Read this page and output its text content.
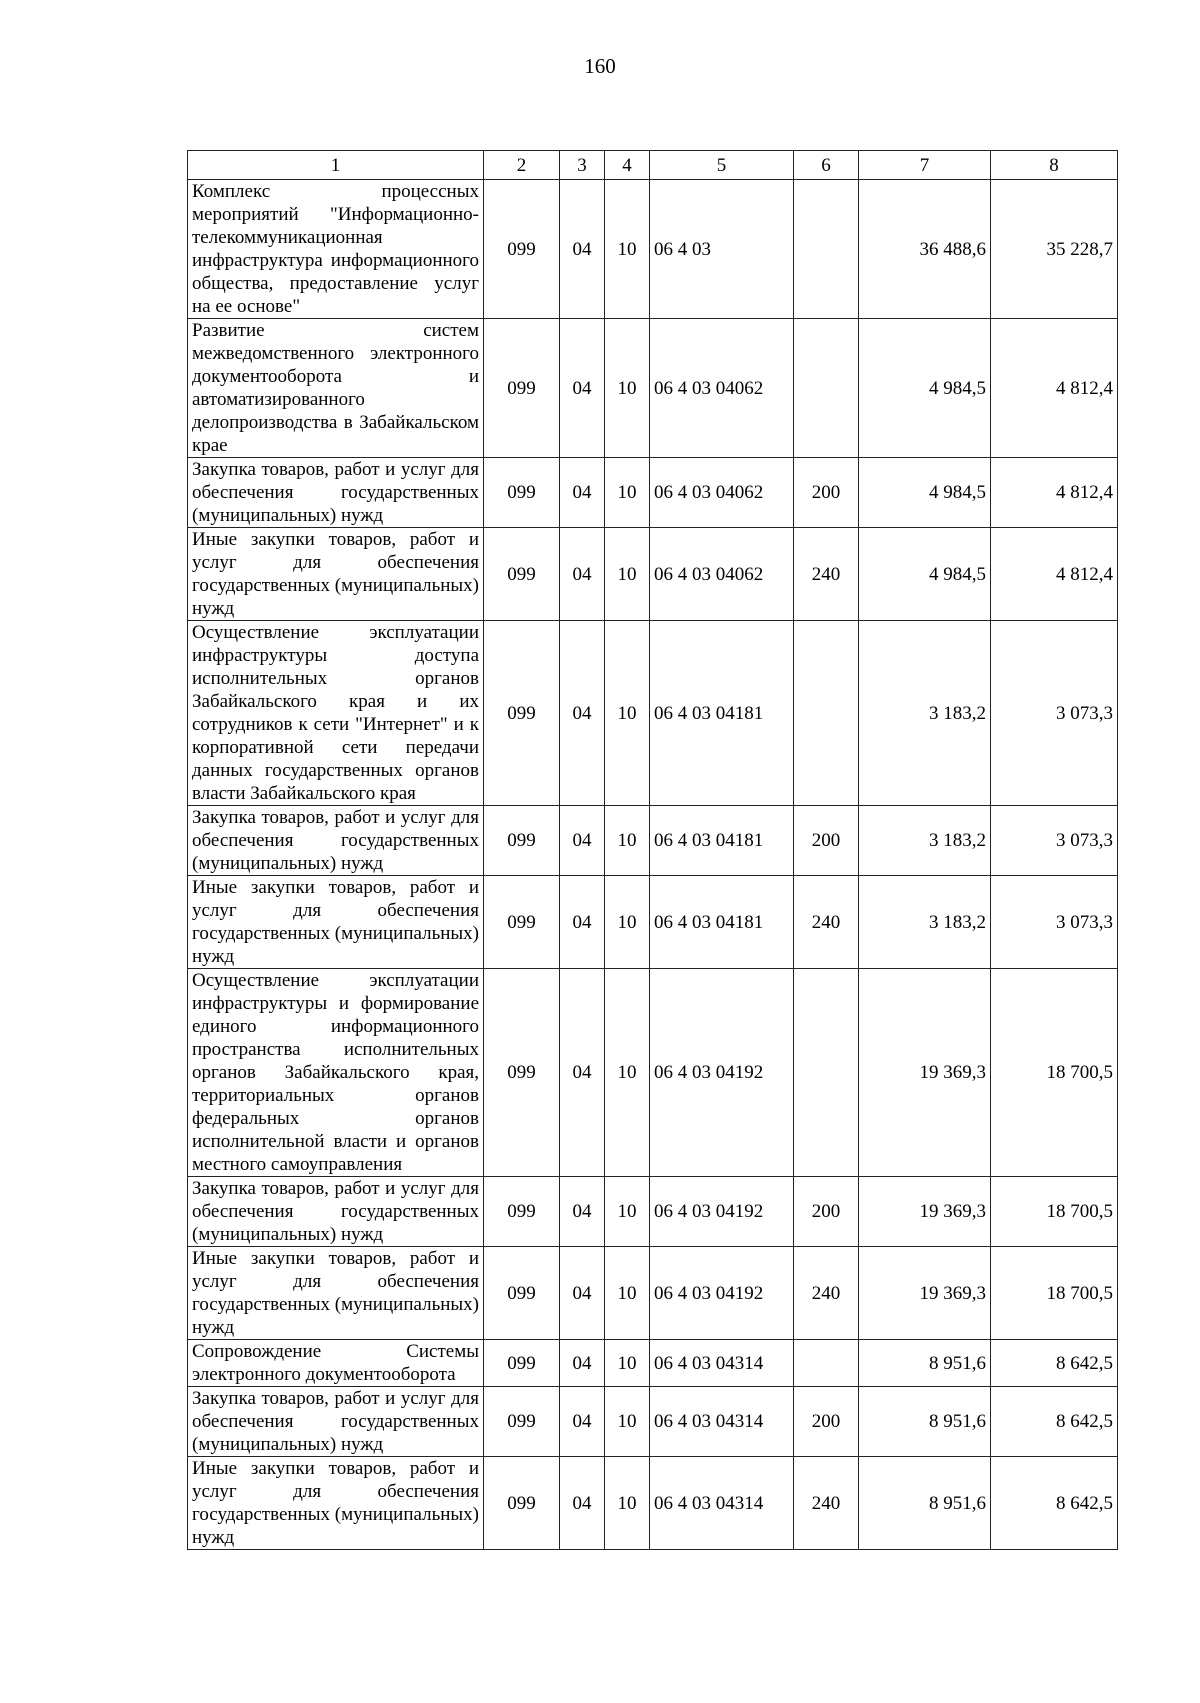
160
1	2	3	4	5	6	7	8
Комплекс процессных мероприятий "Информационно-телекоммуникационная инфраструктура информационного общества, предоставление услуг на ее основе"	099	04	10	06 4 03		36 488,6	35 228,7
Развитие систем межведомственного электронного документооборота и автоматизированного делопроизводства в Забайкальском крае	099	04	10	06 4 03 04062		4 984,5	4 812,4
Закупка товаров, работ и услуг для обеспечения государственных (муниципальных) нужд	099	04	10	06 4 03 04062	200	4 984,5	4 812,4
Иные закупки товаров, работ и услуг для обеспечения государственных (муниципальных) нужд	099	04	10	06 4 03 04062	240	4 984,5	4 812,4
Осуществление эксплуатации инфраструктуры доступа исполнительных органов Забайкальского края и их сотрудников к сети "Интернет" и к корпоративной сети передачи данных государственных органов власти Забайкальского края	099	04	10	06 4 03 04181		3 183,2	3 073,3
Закупка товаров, работ и услуг для обеспечения государственных (муниципальных) нужд	099	04	10	06 4 03 04181	200	3 183,2	3 073,3
Иные закупки товаров, работ и услуг для обеспечения государственных (муниципальных) нужд	099	04	10	06 4 03 04181	240	3 183,2	3 073,3
Осуществление эксплуатации инфраструктуры и формирование единого информационного пространства исполнительных органов Забайкальского края, территориальных органов федеральных органов исполнительной власти и органов местного самоуправления	099	04	10	06 4 03 04192		19 369,3	18 700,5
Закупка товаров, работ и услуг для обеспечения государственных (муниципальных) нужд	099	04	10	06 4 03 04192	200	19 369,3	18 700,5
Иные закупки товаров, работ и услуг для обеспечения государственных (муниципальных) нужд	099	04	10	06 4 03 04192	240	19 369,3	18 700,5
Сопровождение Системы электронного документооборота	099	04	10	06 4 03 04314		8 951,6	8 642,5
Закупка товаров, работ и услуг для обеспечения государственных (муниципальных) нужд	099	04	10	06 4 03 04314	200	8 951,6	8 642,5
Иные закупки товаров, работ и услуг для обеспечения государственных (муниципальных) нужд	099	04	10	06 4 03 04314	240	8 951,6	8 642,5
